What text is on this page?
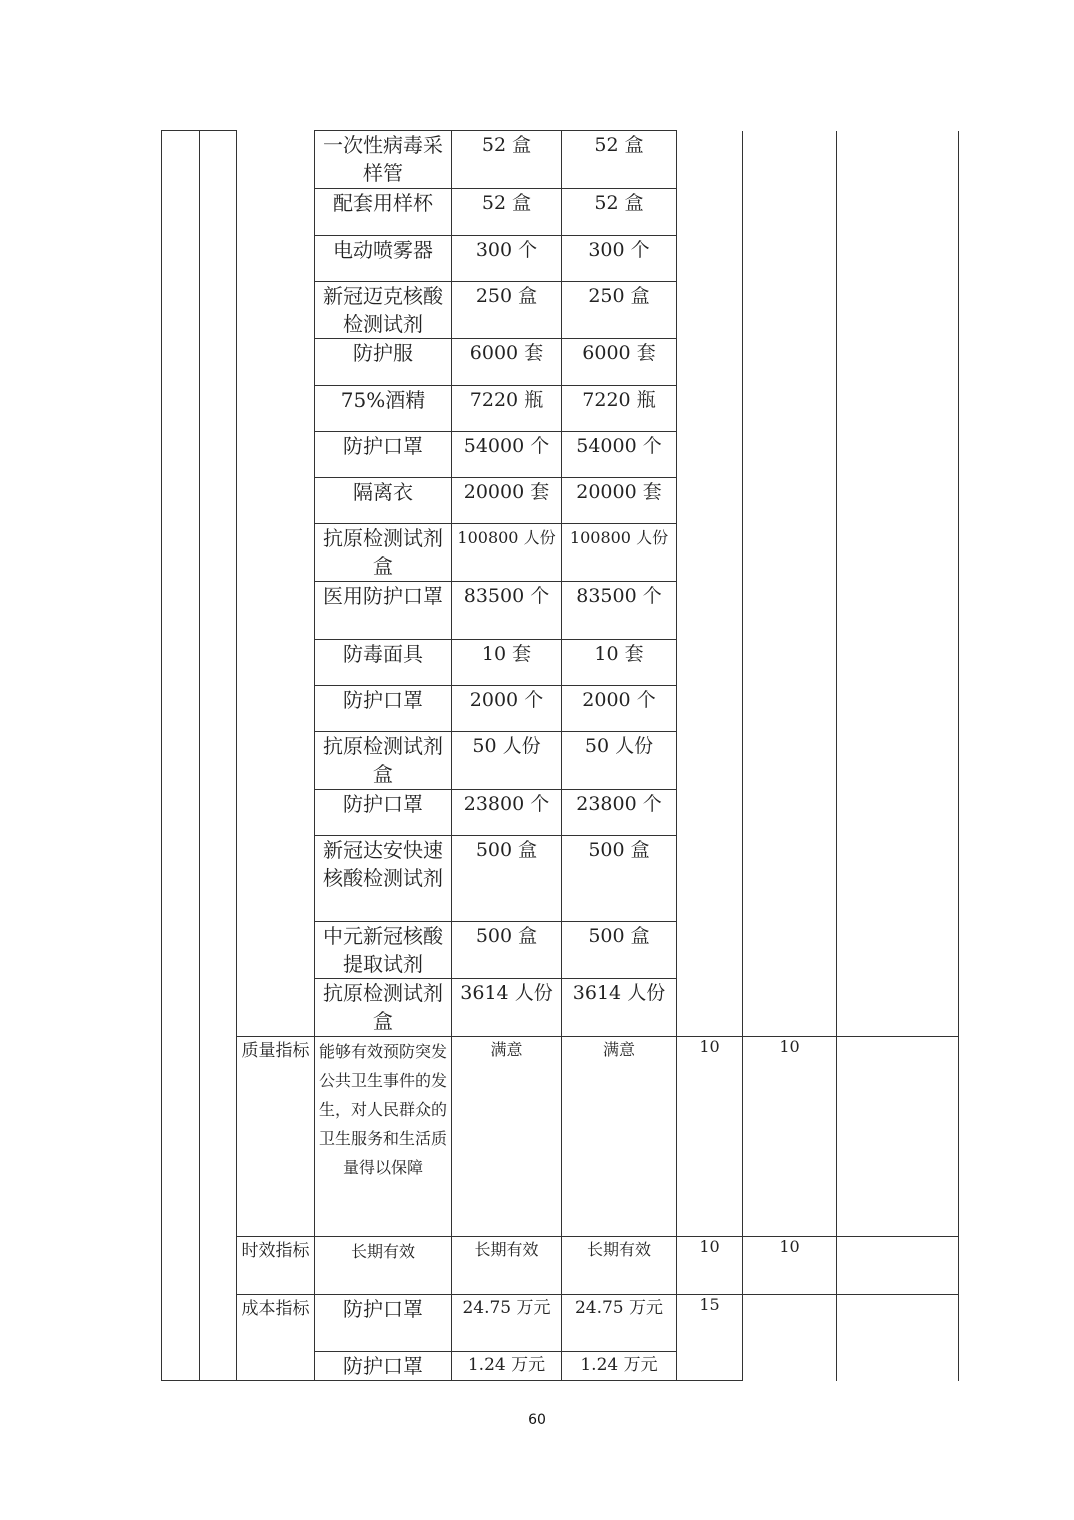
			一次性病毒采样管	52 盒	52 盒			
			配套用样杯	52 盒	52 盒			
			电动喷雾器	300 个	300 个			
			新冠迈克核酸检测试剂	250 盒	250 盒			
			防护服	6000 套	6000 套			
			75%酒精	7220 瓶	7220 瓶			
			防护口罩	54000 个	54000 个			
			隔离衣	20000 套	20000 套			
			抗原检测试剂盒	100800 人份	100800 人份			
			医用防护口罩	83500 个	83500 个			
			防毒面具	10 套	10 套			
			防护口罩	2000 个	2000 个			
			抗原检测试剂盒	50 人份	50 人份			
			防护口罩	23800 个	23800 个			
			新冠达安快速核酸检测试剂	500 盒	500 盒			
			中元新冠核酸提取试剂	500 盒	500 盒			
			抗原检测试剂盒	3614 人份	3614 人份			
		质量指标	能够有效预防突发公共卫生事件的发生，对人民群众的卫生服务和生活质量得以保障	满意	满意	10	10	
		时效指标	长期有效	长期有效	长期有效	10	10	
		成本指标	防护口罩	24.75 万元	24.75 万元	15		
			防护口罩	1.24 万元	1.24 万元			
60
